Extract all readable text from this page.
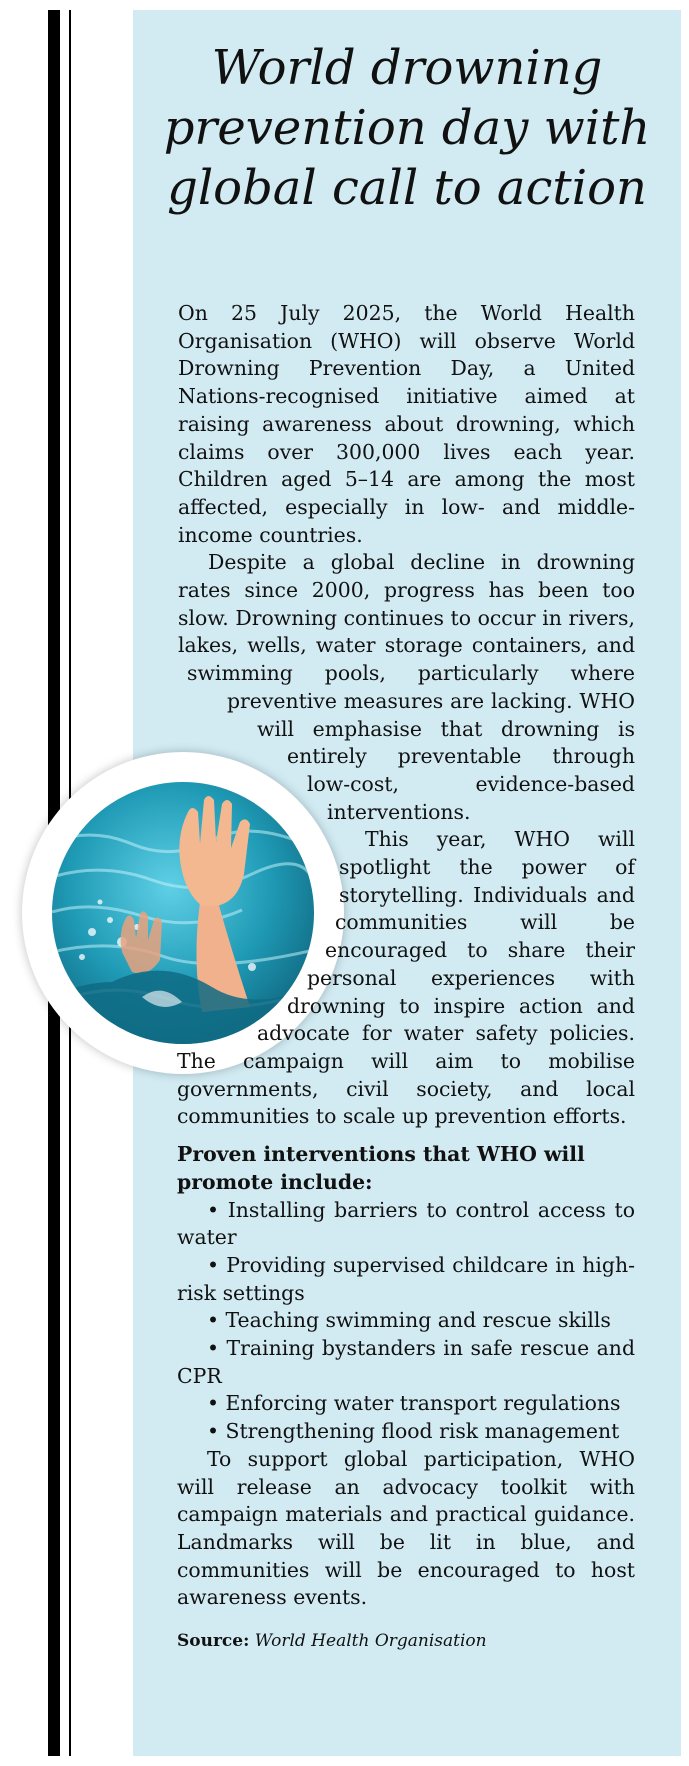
World drowning prevention day with global call to action

On 25 July 2025, the World Health Organisation (WHO) will observe World Drowning Prevention Day, a United Nations-recognised initiative aimed at raising awareness about drowning, which claims over 300,000 lives each year. Children aged 5–14 are among the most affected, especially in low- and middle-income countries.

Despite a global decline in drowning rates since 2000, progress has been too slow. Drowning continues to occur in rivers, lakes, wells, water storage containers, and swimming pools, particularly where preventive measures are lacking. WHO will emphasise that drowning is entirely preventable through low-cost, evidence-based interventions.

This year, WHO will spotlight the power of storytelling. Individuals and communities will be encouraged to share their personal experiences with drowning to inspire action and advocate for water safety policies. The campaign will aim to mobilise governments, civil society, and local communities to scale up prevention efforts.

Proven interventions that WHO will promote include:

• Installing barriers to control access to water

• Providing supervised childcare in high-risk settings

• Teaching swimming and rescue skills

• Training bystanders in safe rescue and CPR

• Enforcing water transport regulations

• Strengthening flood risk management

To support global participation, WHO will release an advocacy toolkit with campaign materials and practical guidance. Landmarks will be lit in blue, and communities will be encouraged to host awareness events.

Source: World Health Organisation
